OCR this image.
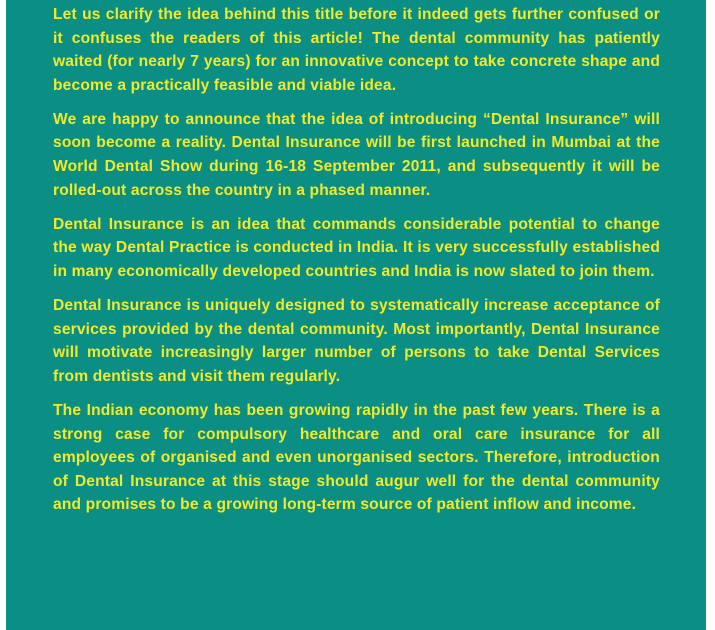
Let us clarify the idea behind this title before it indeed gets further confused or it confuses the readers of this article! The dental community has patiently waited (for nearly 7 years) for an innovative concept to take concrete shape and become a practically feasible and viable idea.

We are happy to announce that the idea of introducing “Dental Insurance” will soon become a reality. Dental Insurance will be first launched in Mumbai at the World Dental Show during 16-18 September 2011, and subsequently it will be rolled-out across the country in a phased manner.

Dental Insurance is an idea that commands considerable potential to change the way Dental Practice is conducted in India. It is very successfully established in many economically developed countries and India is now slated to join them.

Dental Insurance is uniquely designed to systematically increase acceptance of services provided by the dental community. Most importantly, Dental Insurance will motivate increasingly larger number of persons to take Dental Services from dentists and visit them regularly.

The Indian economy has been growing rapidly in the past few years. There is a strong case for compulsory healthcare and oral care insurance for all employees of organised and even unorganised sectors. Therefore, introduction of Dental Insurance at this stage should augur well for the dental community and promises to be a growing long-term source of patient inflow and income.
